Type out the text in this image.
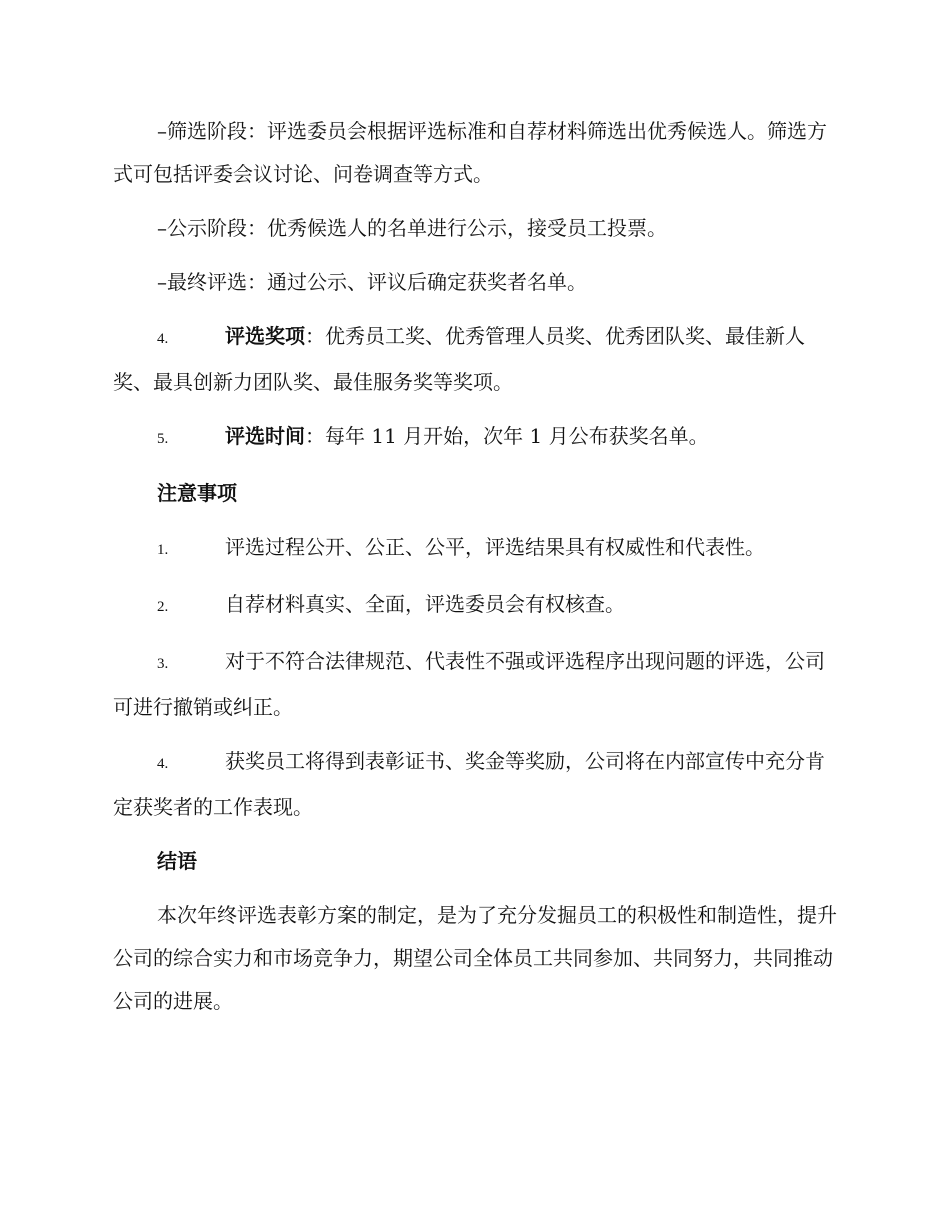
–筛选阶段：评选委员会根据评选标准和自荐材料筛选出优秀候选人。筛选方式可包括评委会议讨论、问卷调查等方式。

–公示阶段：优秀候选人的名单进行公示，接受员工投票。

–最终评选：通过公示、评议后确定获奖者名单。

4.	评选奖项：优秀员工奖、优秀管理人员奖、优秀团队奖、最佳新人奖、最具创新力团队奖、最佳服务奖等奖项。

5.	评选时间：每年 11 月开始，次年 1 月公布获奖名单。

注意事项

1.	评选过程公开、公正、公平，评选结果具有权威性和代表性。

2.	自荐材料真实、全面，评选委员会有权核查。

3.	对于不符合法律规范、代表性不强或评选程序出现问题的评选，公司可进行撤销或纠正。

4.	获奖员工将得到表彰证书、奖金等奖励，公司将在内部宣传中充分肯定获奖者的工作表现。

结语

本次年终评选表彰方案的制定，是为了充分发掘员工的积极性和制造性，提升公司的综合实力和市场竞争力，期望公司全体员工共同参加、共同努力，共同推动公司的进展。
